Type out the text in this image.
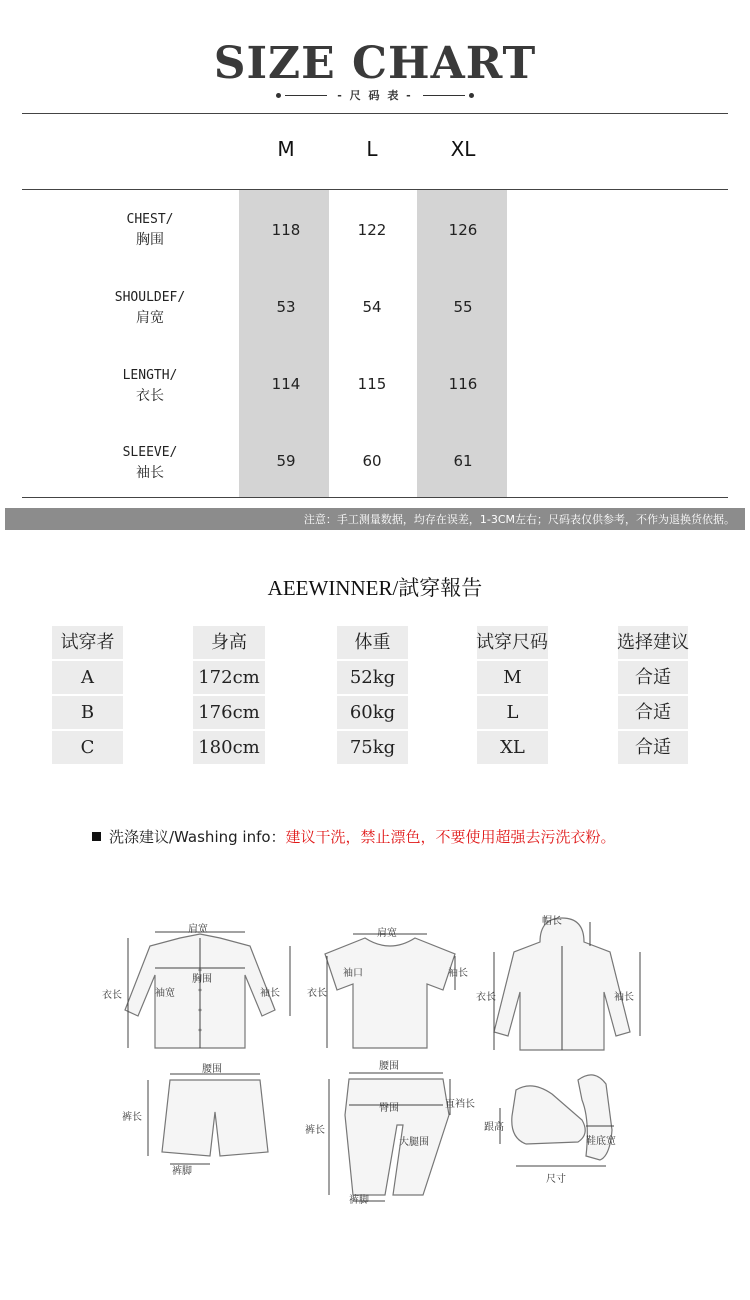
SIZE CHART
- 尺 码 表 -
M	L	XL
CHEST/
胸围
118	122	126
SHOULDEF/
肩宽
53	54	55
LENGTH/
衣长
114	115	116
SLEEVE/
袖长
59	60	61
注意：手工测量数据，均存在误差，1-3CM左右；尺码表仅供参考，不作为退换货依据。
AEEWINNER/試穿報告
试穿者	身高	体重	试穿尺码	选择建议
A	172cm	52kg	M	合适
B	176cm	60kg	L	合适
C	180cm	75kg	XL	合适
洗涤建议/Washing info：建议干洗，禁止漂色，不要使用超强去污洗衣粉。
肩宽
胸围
衣长	袖宽	袖长
肩宽
袖口
衣长
袖长
帽长
衣长	袖长
腰围
裤长
裤脚
腰围
臀围	直裆长
裤长
大腿围
裤脚
跟高
鞋底宽
尺寸
